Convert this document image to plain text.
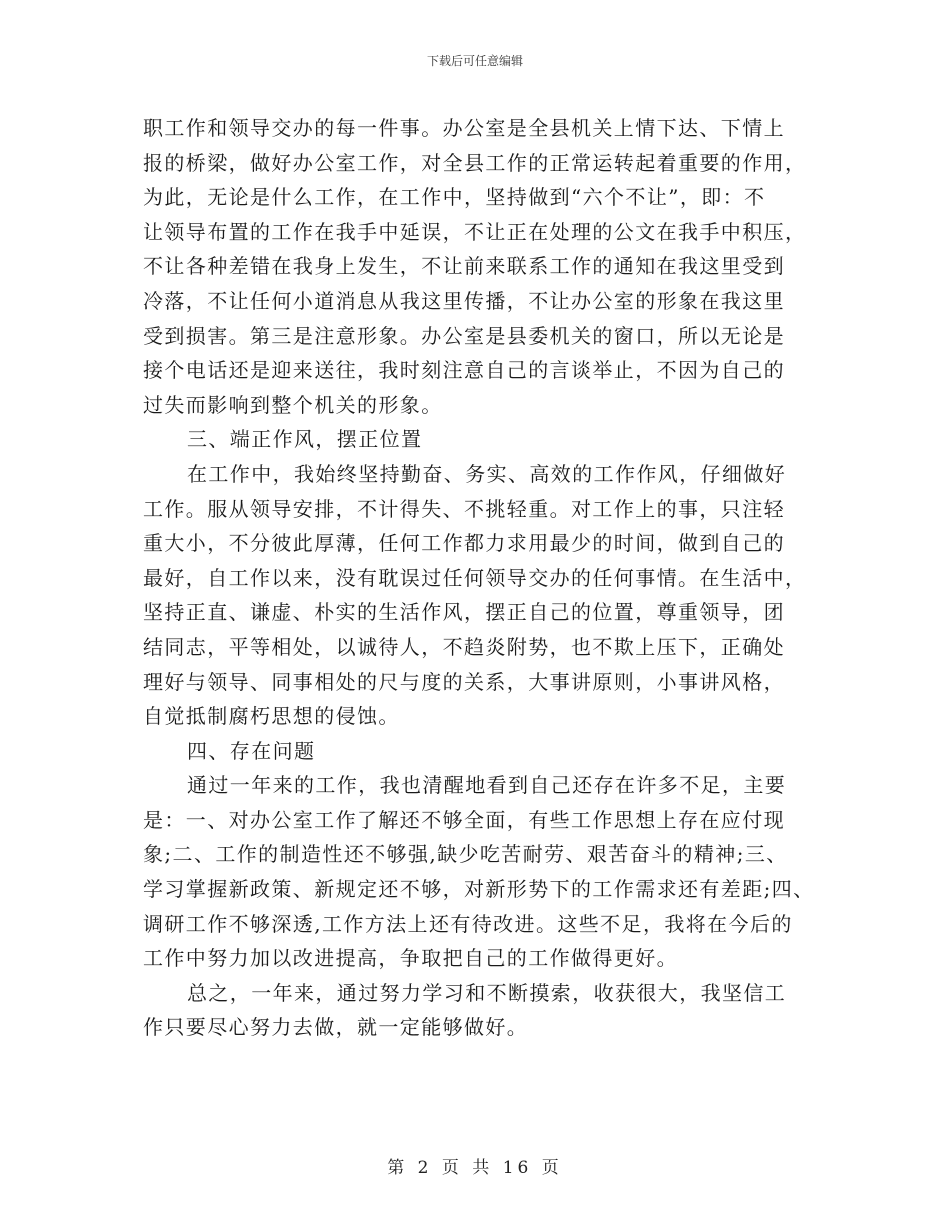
下载后可任意编辑
职工作和领导交办的每一件事。办公室是全县机关上情下达、下情上
报的桥梁，做好办公室工作，对全县工作的正常运转起着重要的作用，
为此，无论是什么工作，在工作中，坚持做到“六个不让”，即：不
让领导布置的工作在我手中延误，不让正在处理的公文在我手中积压，
不让各种差错在我身上发生，不让前来联系工作的通知在我这里受到
冷落，不让任何小道消息从我这里传播，不让办公室的形象在我这里
受到损害。第三是注意形象。办公室是县委机关的窗口，所以无论是
接个电话还是迎来送往，我时刻注意自己的言谈举止，不因为自己的
过失而影响到整个机关的形象。
三、端正作风，摆正位置
在工作中，我始终坚持勤奋、务实、高效的工作作风，仔细做好
工作。服从领导安排，不计得失、不挑轻重。对工作上的事，只注轻
重大小，不分彼此厚薄，任何工作都力求用最少的时间，做到自己的
最好，自工作以来，没有耽误过任何领导交办的任何事情。在生活中，
坚持正直、谦虚、朴实的生活作风，摆正自己的位置，尊重领导，团
结同志，平等相处，以诚待人，不趋炎附势，也不欺上压下，正确处
理好与领导、同事相处的尺与度的关系，大事讲原则，小事讲风格，
自觉抵制腐朽思想的侵蚀。
四、存在问题
通过一年来的工作，我也清醒地看到自己还存在许多不足，主要
是：一、对办公室工作了解还不够全面，有些工作思想上存在应付现
象;二、工作的制造性还不够强,缺少吃苦耐劳、艰苦奋斗的精神;三、
学习掌握新政策、新规定还不够，对新形势下的工作需求还有差距;四、
调研工作不够深透,工作方法上还有待改进。这些不足，我将在今后的
工作中努力加以改进提高，争取把自己的工作做得更好。
总之，一年来，通过努力学习和不断摸索，收获很大，我坚信工
作只要尽心努力去做，就一定能够做好。
第 2 页 共 16 页
